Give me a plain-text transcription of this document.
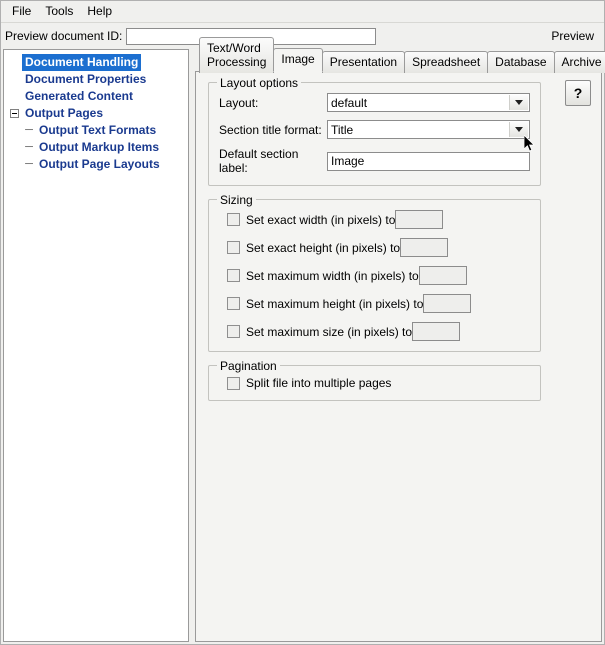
File	Tools	Help
Preview document ID:	Preview
Document Handling
Document Properties
Generated Content
Output Pages
─ Output Text Formats
─ Output Markup Items
─ Output Page Layouts
Text/Word Processing	Image	Presentation	Spreadsheet	Database	Archive
?
Layout options
Layout:	default
Section title format: Title
Default section label:
Image
Sizing
Set exact width (in pixels) to
Set exact height (in pixels) to
Set maximum width (in pixels) to
Set maximum height (in pixels) to
Set maximum size (in pixels) to
Pagination
Split file into multiple pages
